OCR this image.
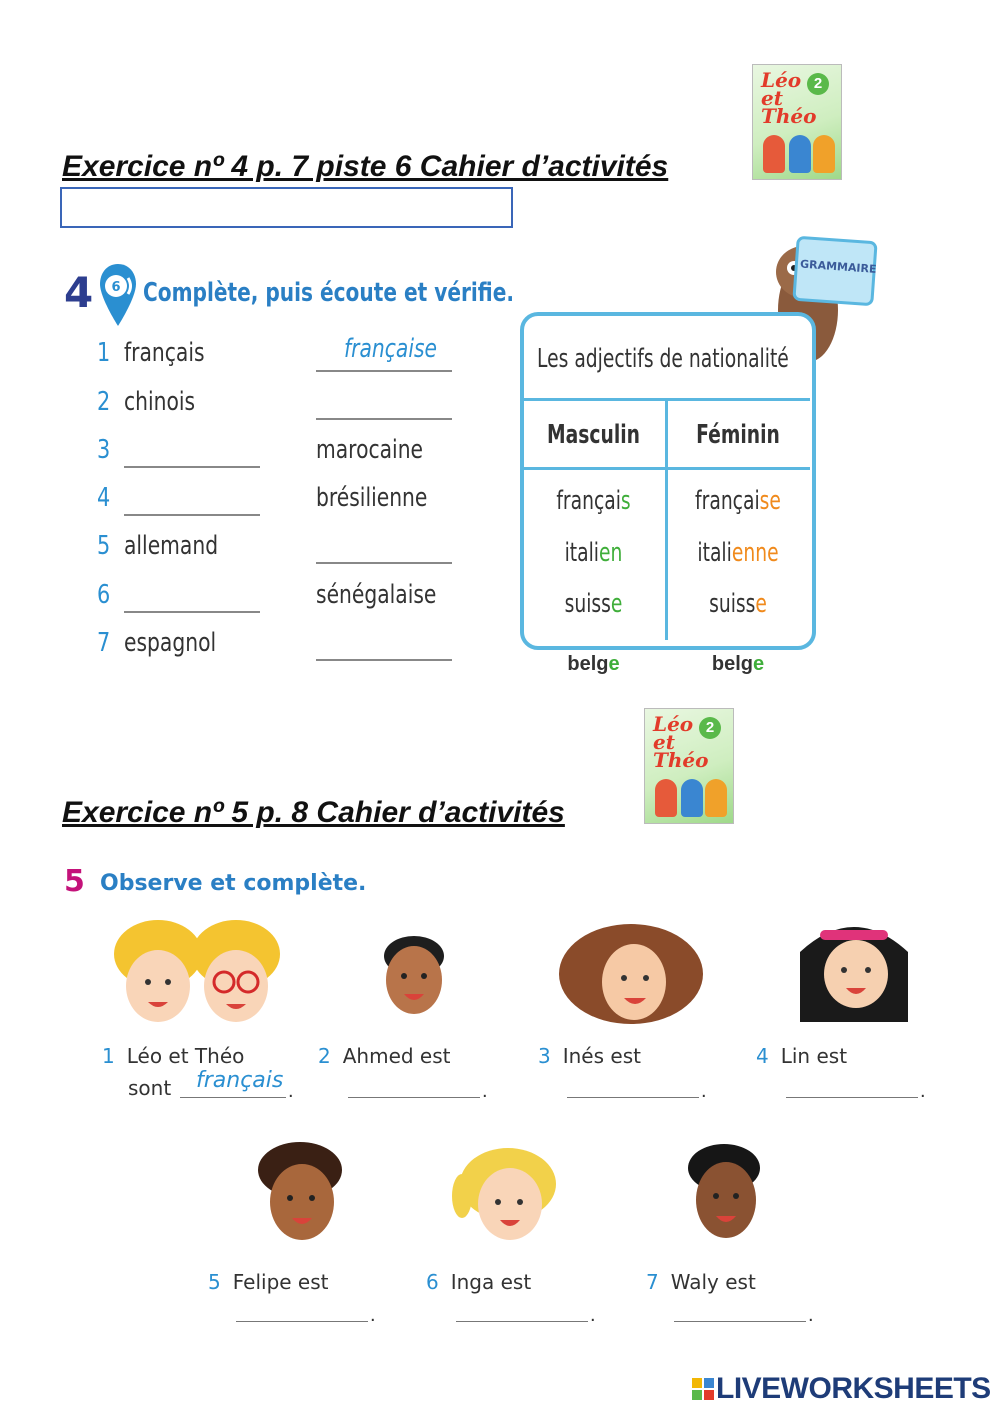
Exercice nº 4 p. 7 piste 6 Cahier d’activités
Léo
et Théo
2
4 6 Complète, puis écoute et vérifie.
1 français	française
2 chinois
3	marocaine
4	brésilienne
5 allemand
6	sénégalaise
7 espagnol
GRAMMAIRE
Les adjectifs de nationalité
Masculin	Féminin
français	française
italien	italienne
suisse	suisse
belge	belge
Léo
et Théo
2
Exercice nº 5 p. 8 Cahier d’activités
5 Observe et complète.
1 Léo et Théo
sont français .
2 Ahmed est
.
3 Inés est
.
4 Lin est
.
5 Felipe est
.
6 Inga est
.
7 Waly est
.
LIVEWORKSHEETS
